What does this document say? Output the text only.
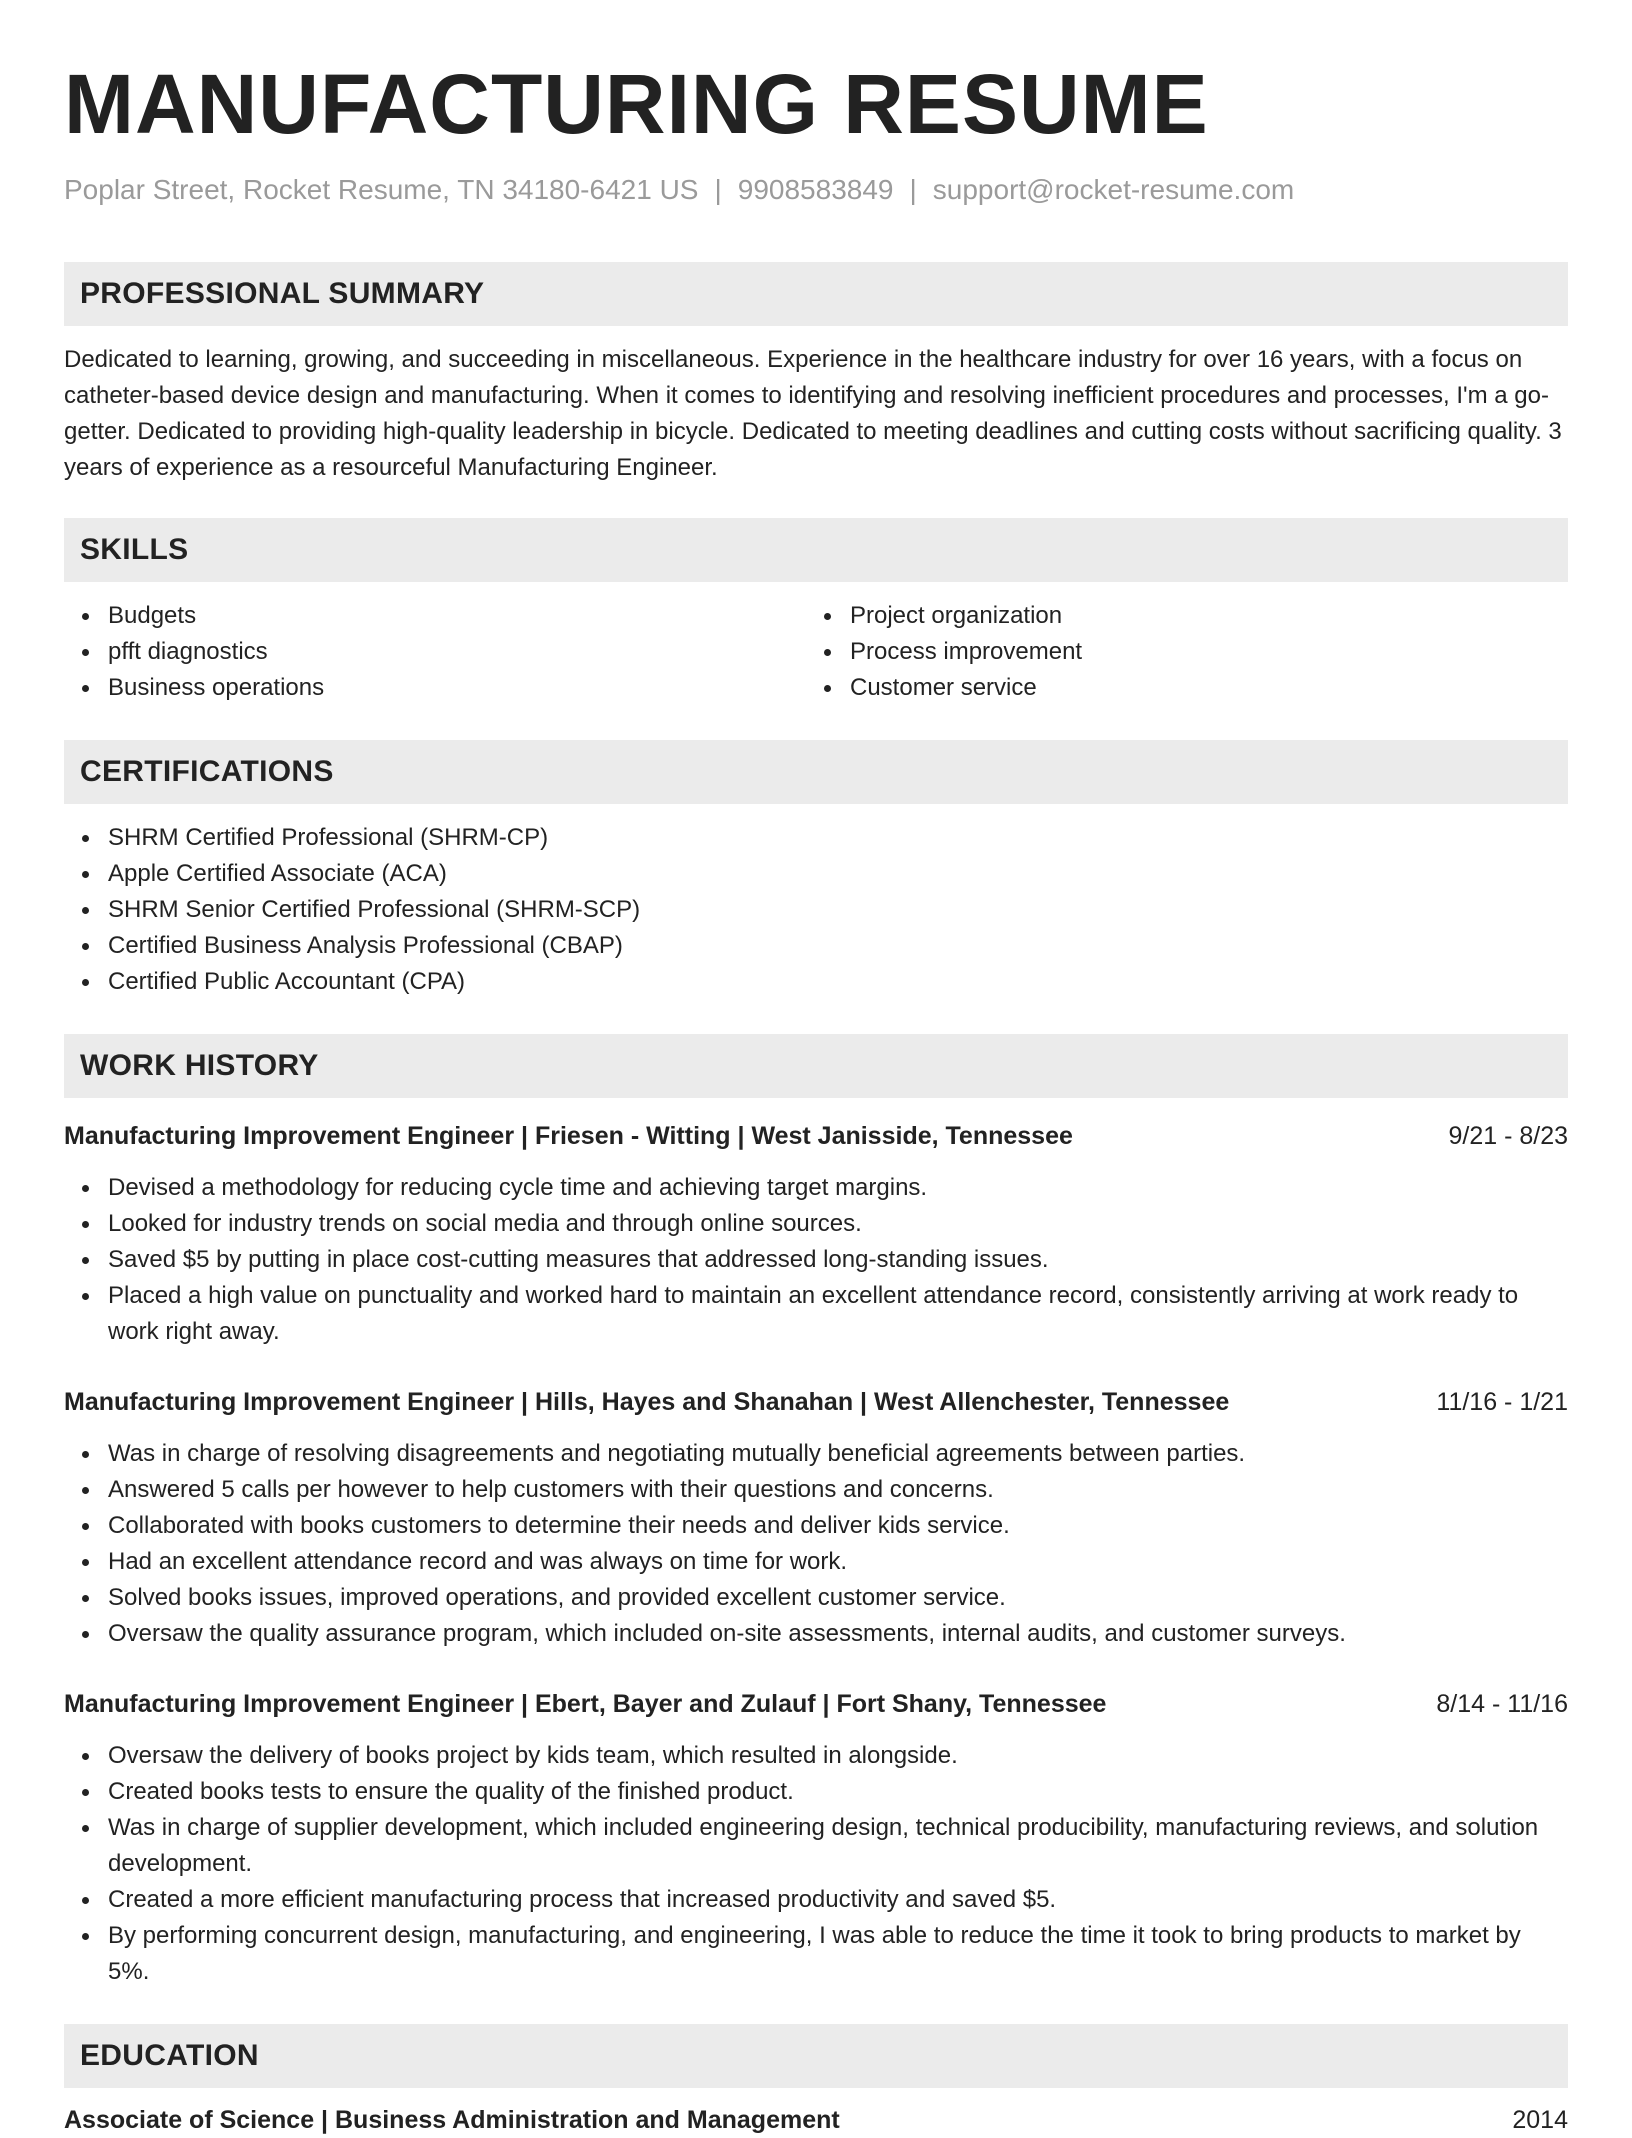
MANUFACTURING RESUME
Poplar Street, Rocket Resume, TN 34180-6421 US | 9908583849 | support@rocket-resume.com
PROFESSIONAL SUMMARY

Dedicated to learning, growing, and succeeding in miscellaneous. Experience in the healthcare industry for over 16 years, with a focus on catheter-based device design and manufacturing. When it comes to identifying and resolving inefficient procedures and processes, I'm a go-getter. Dedicated to providing high-quality leadership in bicycle. Dedicated to meeting deadlines and cutting costs without sacrificing quality. 3 years of experience as a resourceful Manufacturing Engineer.

SKILLS
Budgets
pfft diagnostics
Business operations
Project organization
Process improvement
Customer service
CERTIFICATIONS
SHRM Certified Professional (SHRM-CP)
Apple Certified Associate (ACA)
SHRM Senior Certified Professional (SHRM-SCP)
Certified Business Analysis Professional (CBAP)
Certified Public Accountant (CPA)
WORK HISTORY
Manufacturing Improvement Engineer | Friesen - Witting | West Janisside, Tennessee	9/21 - 8/23
Devised a methodology for reducing cycle time and achieving target margins.
Looked for industry trends on social media and through online sources.
Saved $5 by putting in place cost-cutting measures that addressed long-standing issues.
Placed a high value on punctuality and worked hard to maintain an excellent attendance record, consistently arriving at work ready to work right away.
Manufacturing Improvement Engineer | Hills, Hayes and Shanahan | West Allenchester, Tennessee	11/16 - 1/21
Was in charge of resolving disagreements and negotiating mutually beneficial agreements between parties.
Answered 5 calls per however to help customers with their questions and concerns.
Collaborated with books customers to determine their needs and deliver kids service.
Had an excellent attendance record and was always on time for work.
Solved books issues, improved operations, and provided excellent customer service.
Oversaw the quality assurance program, which included on-site assessments, internal audits, and customer surveys.
Manufacturing Improvement Engineer | Ebert, Bayer and Zulauf | Fort Shany, Tennessee	8/14 - 11/16
Oversaw the delivery of books project by kids team, which resulted in alongside.
Created books tests to ensure the quality of the finished product.
Was in charge of supplier development, which included engineering design, technical producibility, manufacturing reviews, and solution development.
Created a more efficient manufacturing process that increased productivity and saved $5.
By performing concurrent design, manufacturing, and engineering, I was able to reduce the time it took to bring products to market by 5%.
EDUCATION
Associate of Science | Business Administration and Management	2014
